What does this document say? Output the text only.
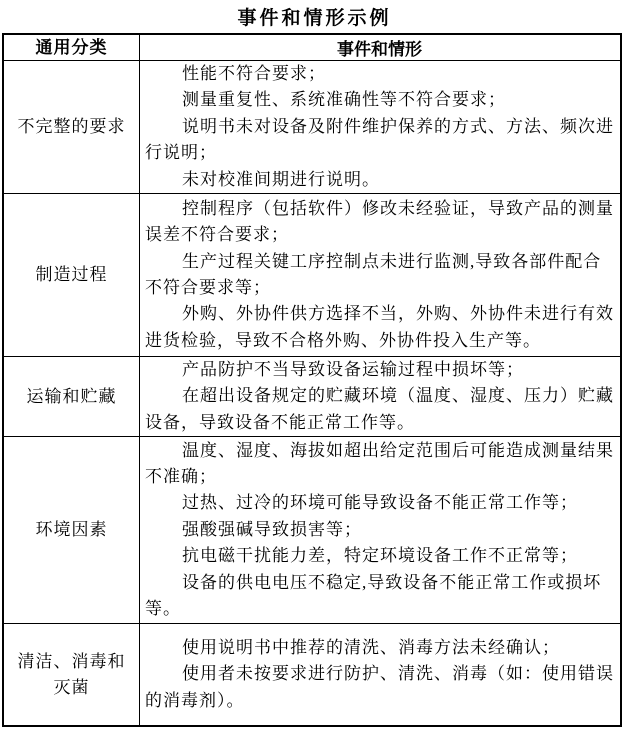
事件和情形示例
通用分类	事件和情形
不完整的要求

性能不符合要求；

测量重复性、系统准确性等不符合要求；

说明书未对设备及附件维护保养的方式、方法、频次进行说明；

未对校准间期进行说明。

制造过程

控制程序（包括软件）修改未经验证，导致产品的测量误差不符合要求；

生产过程关键工序控制点未进行监测,导致各部件配合不符合要求等；

外购、外协件供方选择不当，外购、外协件未进行有效进货检验，导致不合格外购、外协件投入生产等。

运输和贮藏

产品防护不当导致设备运输过程中损坏等；

在超出设备规定的贮藏环境（温度、湿度、压力）贮藏设备，导致设备不能正常工作等。

环境因素

温度、湿度、海拔如超出给定范围后可能造成测量结果不准确；

过热、过冷的环境可能导致设备不能正常工作等；

强酸强碱导致损害等；

抗电磁干扰能力差，特定环境设备工作不正常等；

设备的供电电压不稳定,导致设备不能正常工作或损坏等。

清洁、消毒和灭菌

使用说明书中推荐的清洗、消毒方法未经确认；

使用者未按要求进行防护、清洗、消毒（如：使用错误的消毒剂）。
